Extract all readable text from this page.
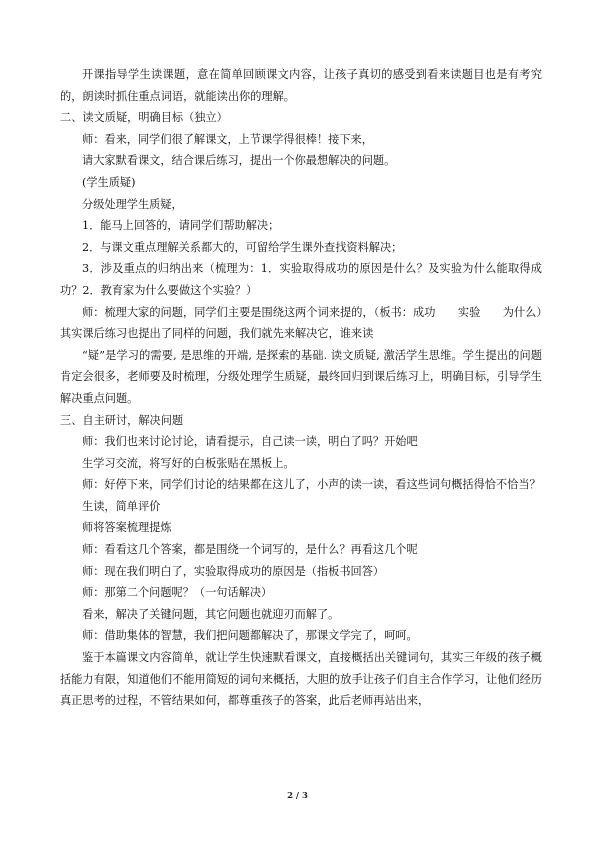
开课指导学生读课题，意在简单回顾课文内容，让孩子真切的感受到看来读题目也是有考究的，朗读时抓住重点词语，就能读出你的理解。

二、读文质疑，明确目标（独立）

师：看来，同学们很了解课文，上节课学得很棒！接下来，

请大家默看课文，结合课后练习，提出一个你最想解决的问题。

(学生质疑)

分级处理学生质疑，

1．能马上回答的，请同学们帮助解决；

2．与课文重点理解关系都大的，可留给学生课外查找资料解决；

3．涉及重点的归纳出来（梳理为：1．实验取得成功的原因是什么？及实验为什么能取得成功？2．教育家为什么要做这个实验？）

师：梳理大家的问题，同学们主要是围绕这两个词来提的，（板书：成功　　实验　　为什么）其实课后练习也提出了同样的问题，我们就先来解决它，谁来读

“疑”是学习的需要, 是思维的开端, 是探索的基础. 读文质疑, 激活学生思维。学生提出的问题肯定会很多，老师要及时梳理，分级处理学生质疑，最终回归到课后练习上，明确目标，引导学生解决重点问题。

三、自主研讨，解决问题

师：我们也来讨论讨论，请看提示，自己读一读，明白了吗？开始吧

生学习交流，将写好的白板张贴在黑板上。

师：好停下来，同学们讨论的结果都在这儿了，小声的读一读，看这些词句概括得恰不恰当？

生读，简单评价

师将答案梳理提炼

师：看看这几个答案，都是围绕一个词写的，是什么？再看这几个呢

师：现在我们明白了，实验取得成功的原因是（指板书回答）

师：那第二个问题呢？（一句话解决）

看来，解决了关键问题，其它问题也就迎刃而解了。

师：借助集体的智慧，我们把问题都解决了，那课文学完了，呵呵。

鉴于本篇课文内容简单，就让学生快速默看课文，直接概括出关键词句，其实三年级的孩子概括能力有限，知道他们不能用简短的词句来概括，大胆的放手让孩子们自主合作学习，让他们经历真正思考的过程，不管结果如何，都尊重孩子的答案，此后老师再站出来，

2 / 3
